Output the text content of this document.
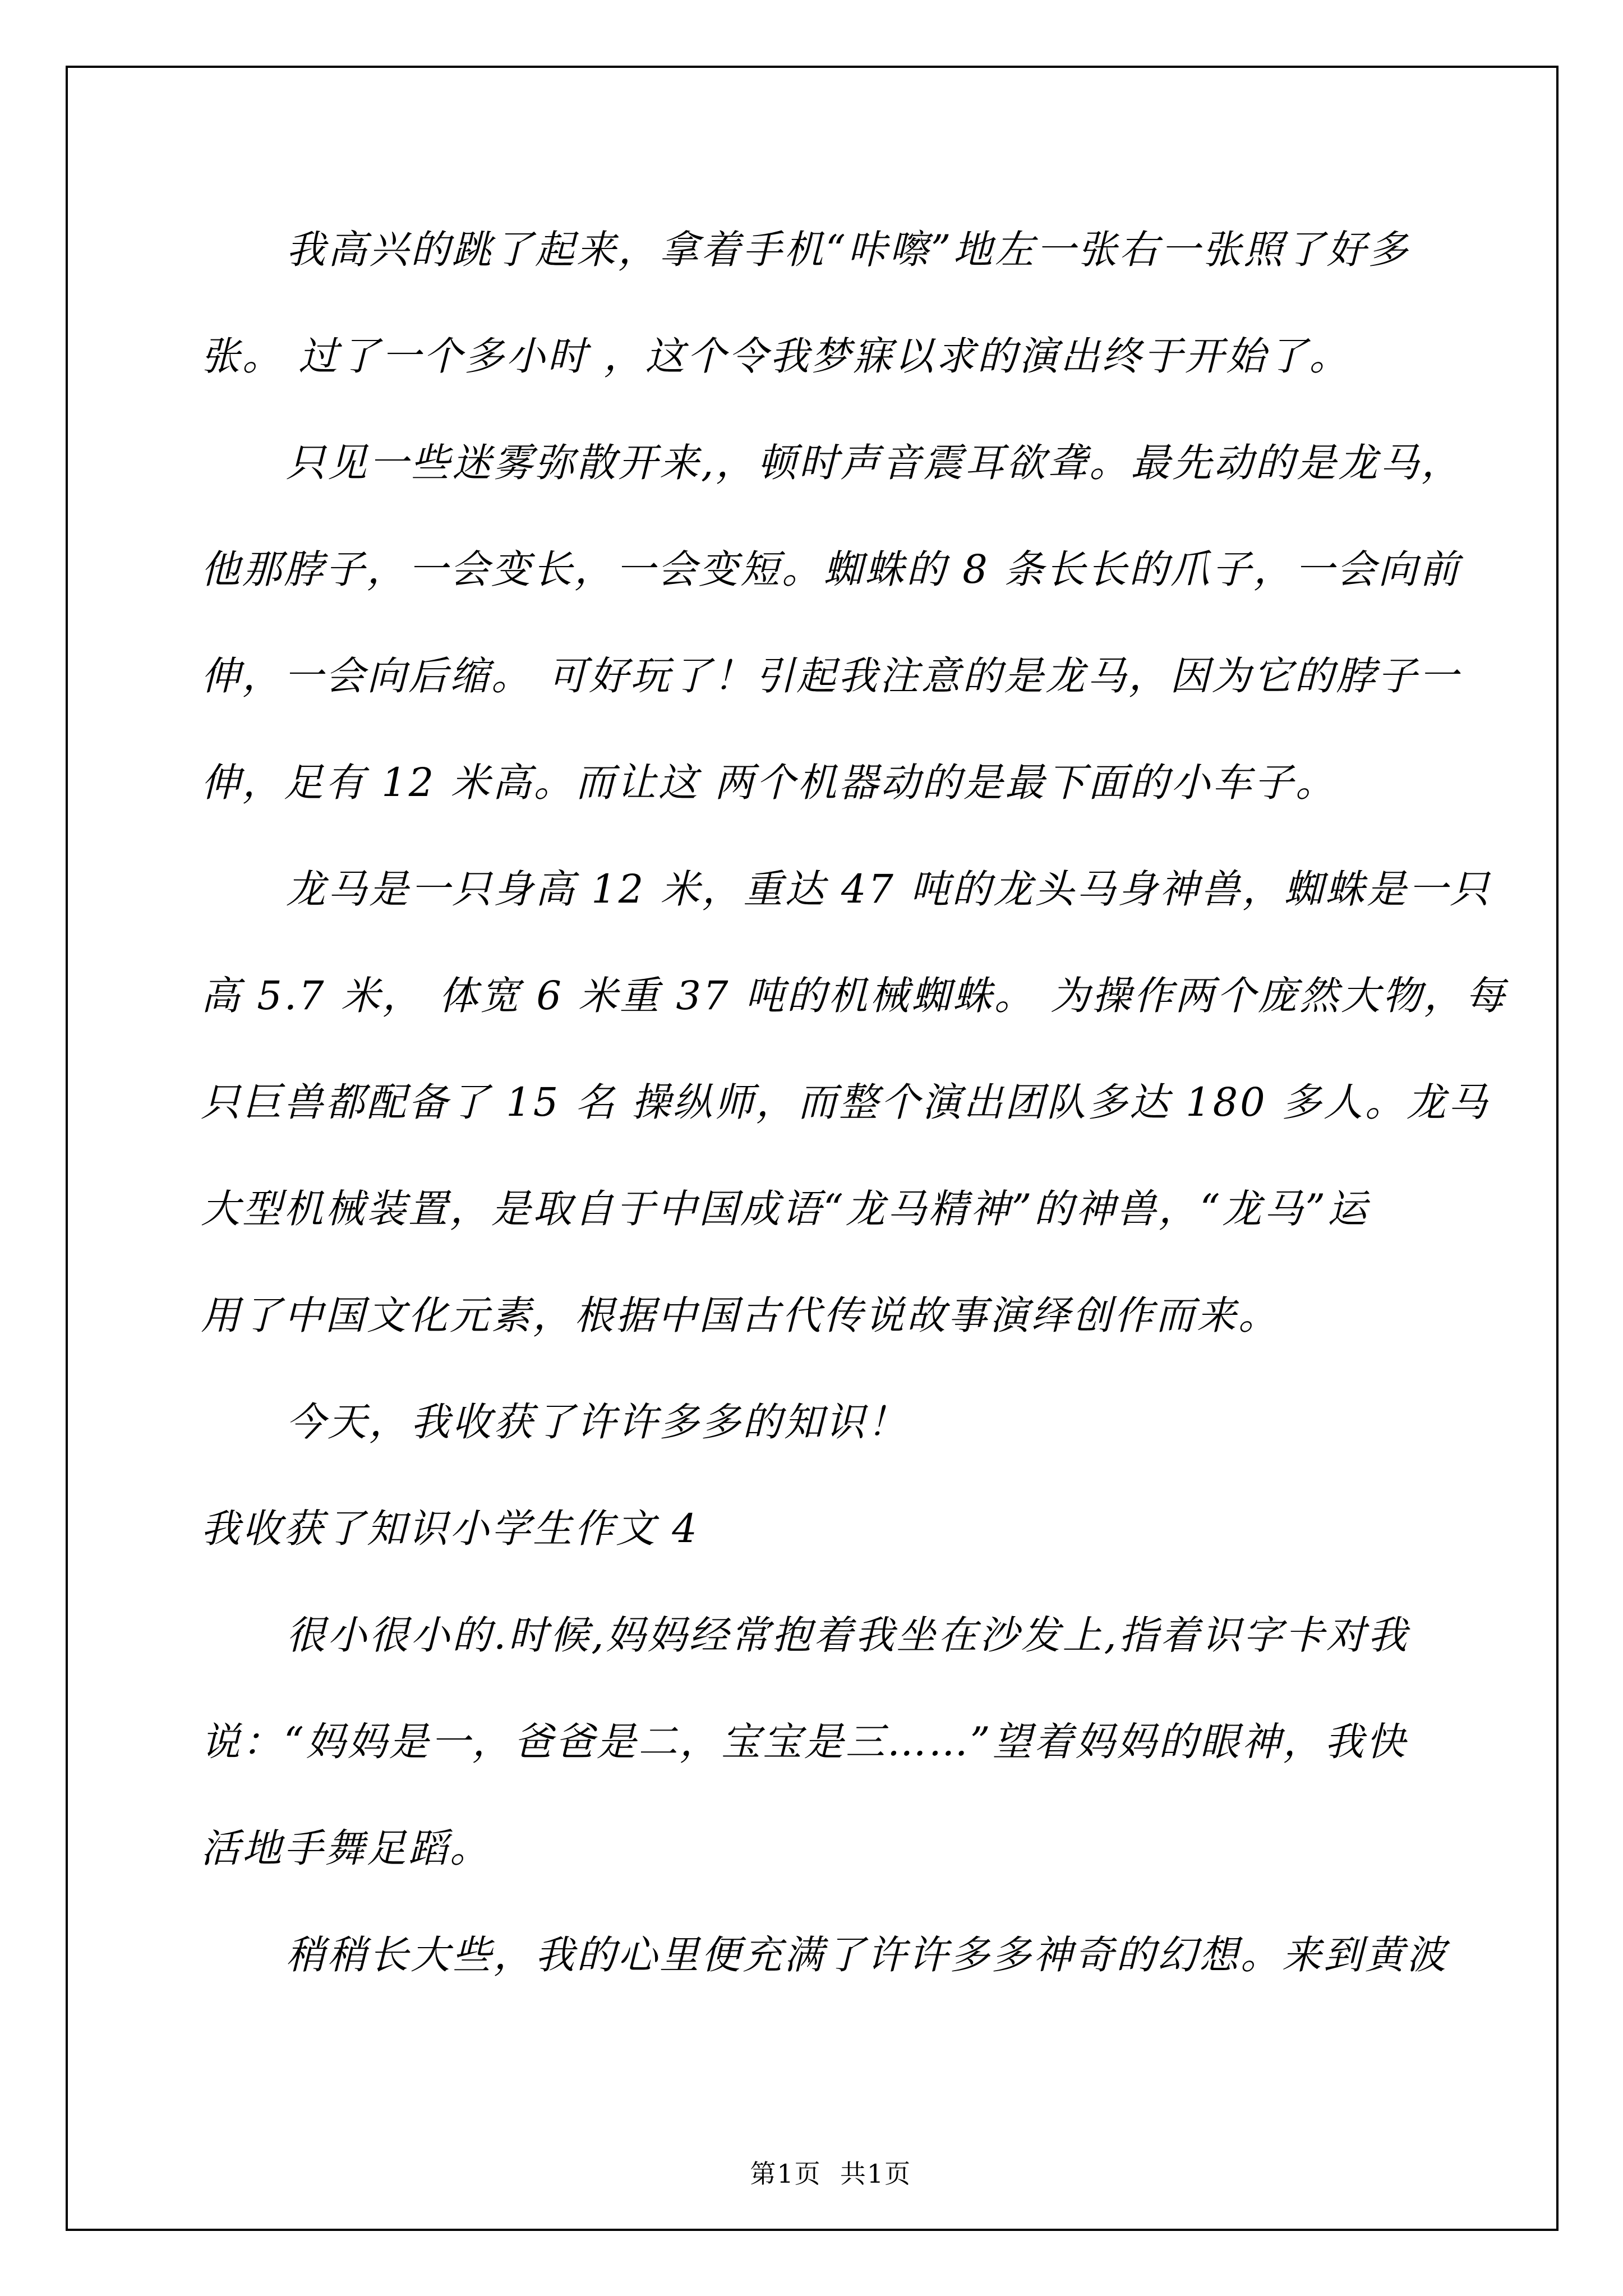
我高兴的跳了起来，拿着手机“咔嚓”地左一张右一张照了好多
张。 过了一个多小时 ，这个令我梦寐以求的演出终于开始了。
只见一些迷雾弥散开来,，顿时声音震耳欲聋。最先动的是龙马，
他那脖子，一会变长，一会变短。蜘蛛的 8 条长长的爪子，一会向前
伸，一会向后缩。 可好玩了！引起我注意的是龙马，因为它的脖子一
伸，足有 12 米高。而让这 两个机器动的是最下面的小车子。
龙马是一只身高 12 米，重达 47 吨的龙头马身神兽，蜘蛛是一只
高 5.7 米， 体宽 6 米重 37 吨的机械蜘蛛。 为操作两个庞然大物，每
只巨兽都配备了 15 名 操纵师，而整个演出团队多达 180 多人。龙马
大型机械装置，是取自于中国成语“龙马精神”的神兽，“龙马”运
用了中国文化元素，根据中国古代传说故事演绎创作而来。
今天，我收获了许许多多的知识！
我收获了知识小学生作文 4
很小很小的.时候,妈妈经常抱着我坐在沙发上,指着识字卡对我
说：“妈妈是一，爸爸是二，宝宝是三……”望着妈妈的眼神，我快
活地手舞足蹈。
稍稍长大些，我的心里便充满了许许多多神奇的幻想。来到黄波

第1页  共1页
